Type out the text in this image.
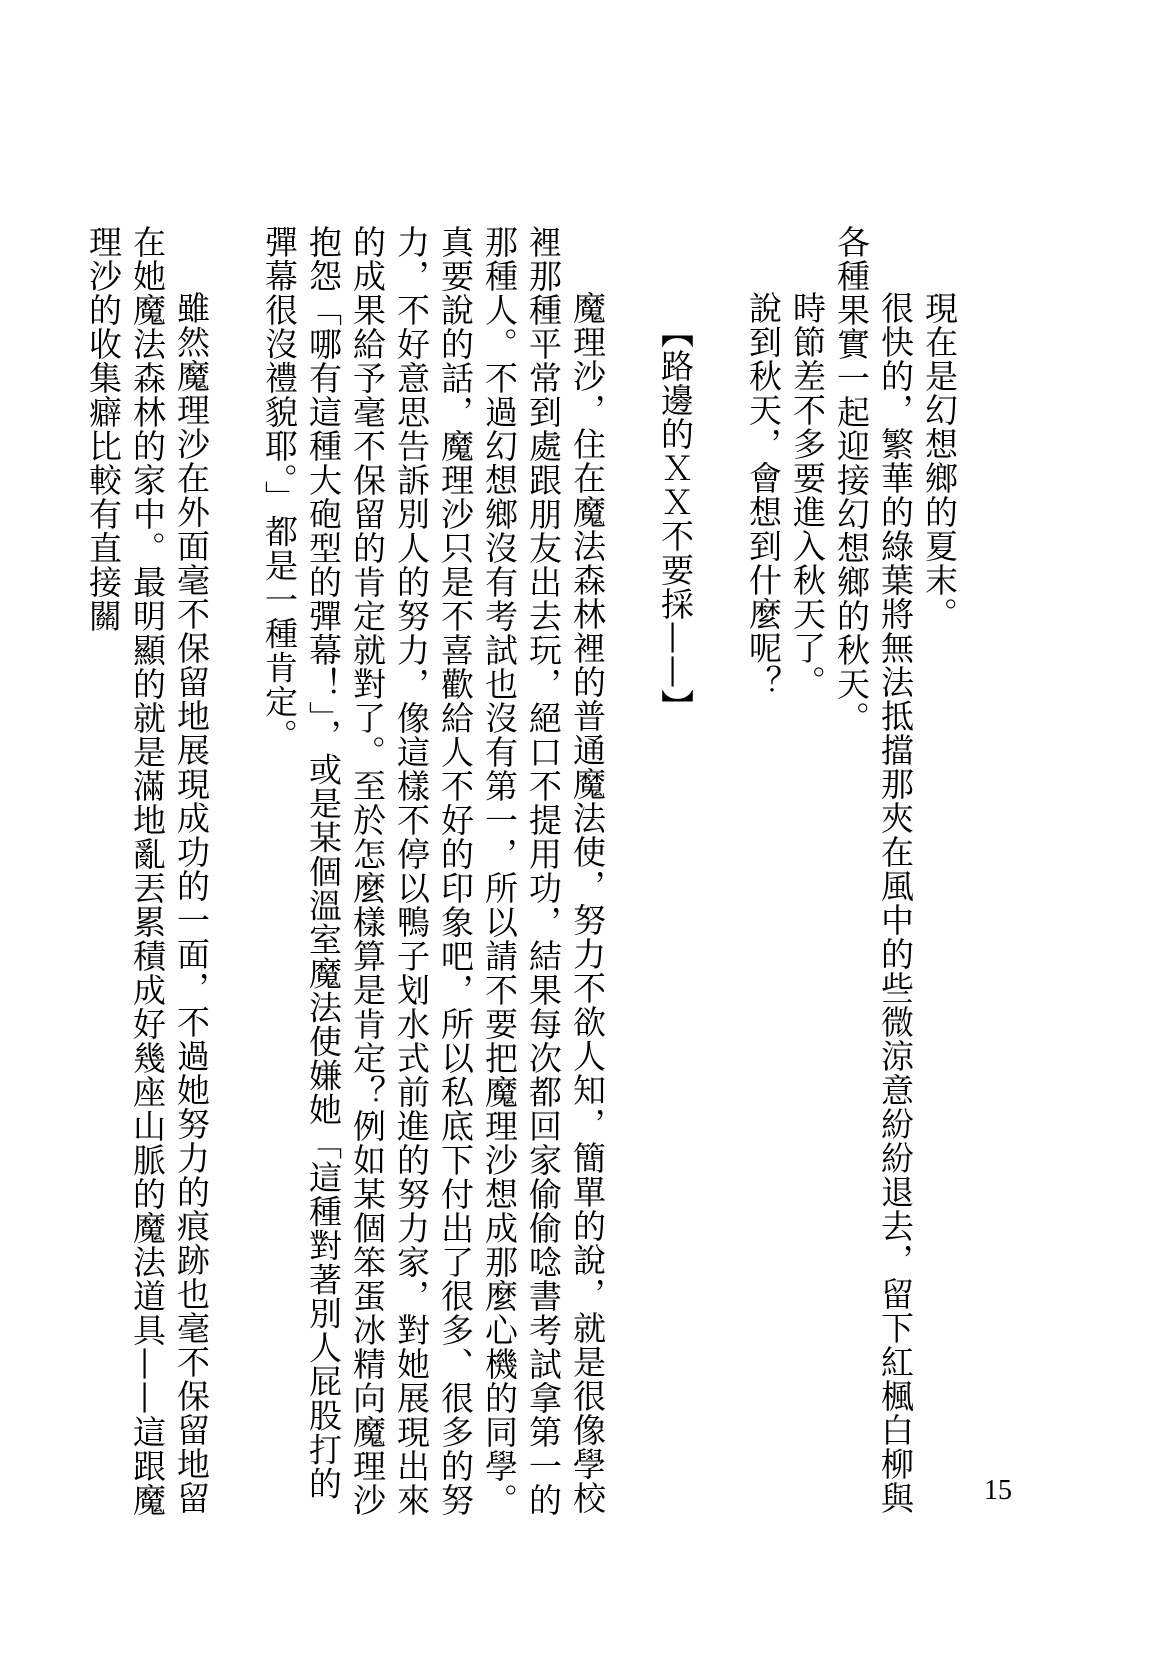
現在是幻想鄉的夏末。

很快的，繁華的綠葉將無法抵擋那夾在風中的些微涼意紛紛退去，留下紅楓白柳與各種果實一起迎接幻想鄉的秋天。

時節差不多要進入秋天了。

說到秋天，會想到什麼呢？

【路邊的ＸＸ不要採——】

魔理沙，住在魔法森林裡的普通魔法使，努力不欲人知，簡單的說，就是很像學校裡那種平常到處跟朋友出去玩，絕口不提用功，結果每次都回家偷偷唸書考試拿第一的那種人。不過幻想鄉沒有考試也沒有第一，所以請不要把魔理沙想成那麼心機的同學。真要說的話，魔理沙只是不喜歡給人不好的印象吧，所以私底下付出了很多、很多的努力，不好意思告訴別人的努力，像這樣不停以鴨子划水式前進的努力家，對她展現出來的成果給予毫不保留的肯定就對了。至於怎麼樣算是肯定？例如某個笨蛋冰精向魔理沙抱怨「哪有這種大砲型的彈幕！」，或是某個溫室魔法使嫌她「這種對著別人屁股打的彈幕很沒禮貌耶。」都是一種肯定。

雖然魔理沙在外面毫不保留地展現成功的一面，不過她努力的痕跡也毫不保留地留在她魔法森林的家中。最明顯的就是滿地亂丟累積成好幾座山脈的魔法道具——這跟魔理沙的收集癖比較有直接關

15
